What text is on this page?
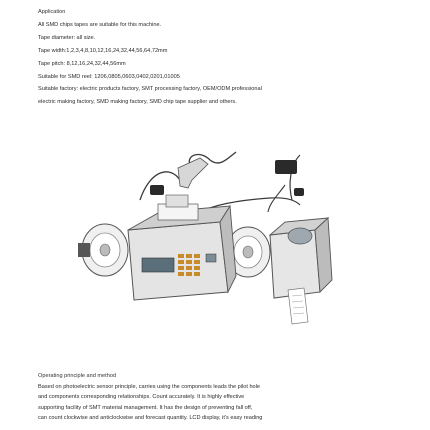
Application

All SMD chips tapes are suitable for this machine.

Tape diameter: all size.

Tape width:1,2,3,4,8,10,12,16,24,32,44,56,64,72mm

Tape pitch: 8,12,16,24,32,44,56mm

Suitable for SMD reel: 1206,0805,0603,0402,0201,01005

Suitable factory: electric products factory, SMT processing factory, OEM/ODM professional

electric making factory, SMD making factory, SMD chip tape supplier and others.

Operating principle and method

Based on photoelectric sensor principle, carries using the components leads the pilot hole

and components corresponding relationships. Count accurately. It is highly effective

supporting facility of SMT material management. It has the design of preventing fall off,

can count clockwise and anticlockwise and forecast quantity. LCD display, it's easy reading
